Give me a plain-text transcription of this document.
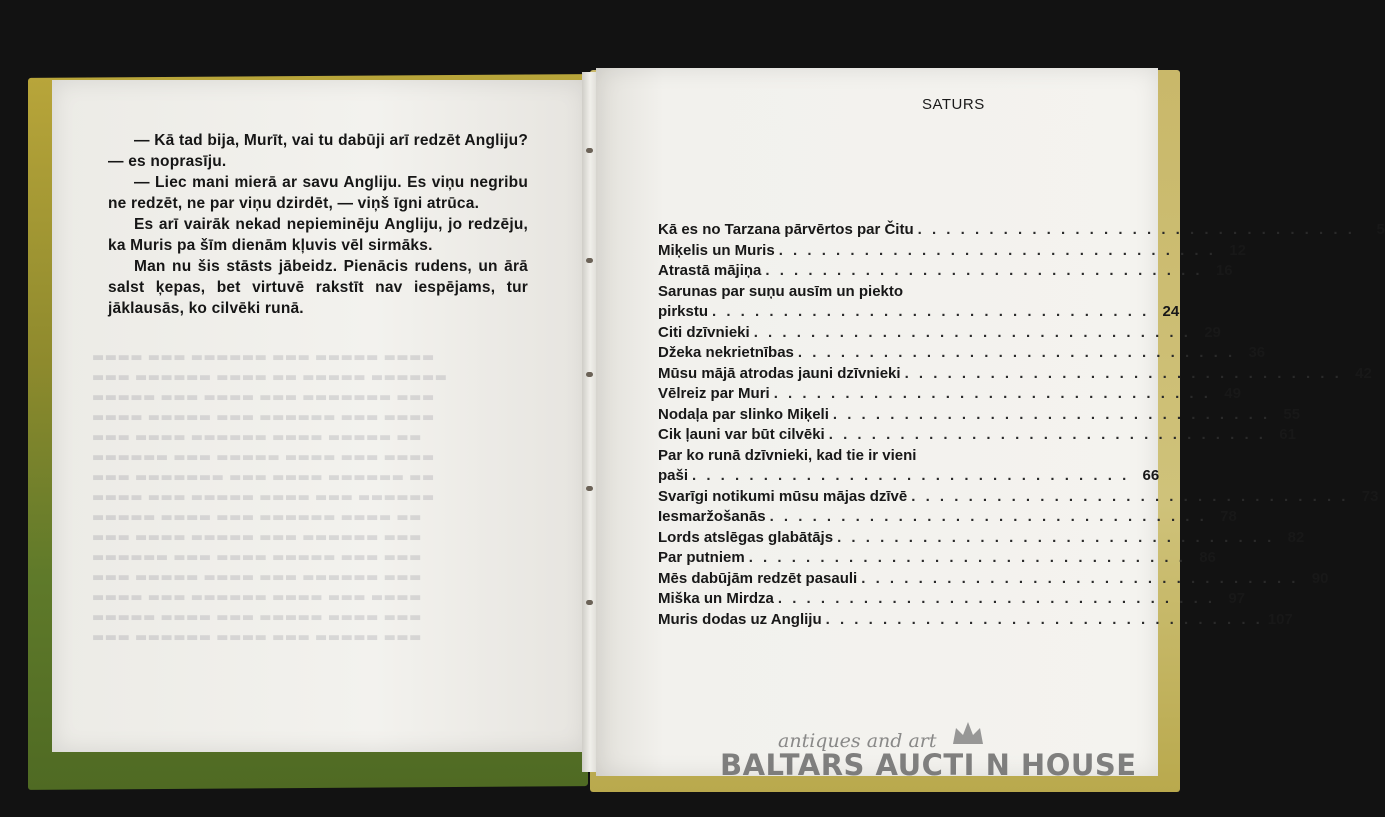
▬▬▬▬ ▬▬▬ ▬▬▬▬▬▬ ▬▬▬ ▬▬▬▬▬ ▬▬▬▬
▬▬▬ ▬▬▬▬▬▬ ▬▬▬▬ ▬▬ ▬▬▬▬▬ ▬▬▬▬▬▬
▬▬▬▬▬ ▬▬▬ ▬▬▬▬ ▬▬▬ ▬▬▬▬▬▬▬ ▬▬▬
▬▬▬▬ ▬▬▬▬▬ ▬▬▬ ▬▬▬▬▬▬ ▬▬▬ ▬▬▬▬
▬▬▬ ▬▬▬▬ ▬▬▬▬▬▬ ▬▬▬▬ ▬▬▬▬▬ ▬▬
▬▬▬▬▬▬ ▬▬▬ ▬▬▬▬▬ ▬▬▬▬ ▬▬▬ ▬▬▬▬
▬▬▬ ▬▬▬▬▬▬▬ ▬▬▬ ▬▬▬▬ ▬▬▬▬▬▬ ▬▬
▬▬▬▬ ▬▬▬ ▬▬▬▬▬ ▬▬▬▬ ▬▬▬ ▬▬▬▬▬▬
▬▬▬▬▬ ▬▬▬▬ ▬▬▬ ▬▬▬▬▬▬ ▬▬▬▬ ▬▬
▬▬▬ ▬▬▬▬ ▬▬▬▬▬ ▬▬▬ ▬▬▬▬▬▬ ▬▬▬
▬▬▬▬▬▬ ▬▬▬ ▬▬▬▬ ▬▬▬▬▬ ▬▬▬ ▬▬▬
▬▬▬ ▬▬▬▬▬ ▬▬▬▬ ▬▬▬ ▬▬▬▬▬▬ ▬▬▬
▬▬▬▬ ▬▬▬ ▬▬▬▬▬▬ ▬▬▬▬ ▬▬▬ ▬▬▬▬
▬▬▬▬▬ ▬▬▬▬ ▬▬▬ ▬▬▬▬▬ ▬▬▬▬ ▬▬▬
▬▬▬ ▬▬▬▬▬▬ ▬▬▬▬ ▬▬▬ ▬▬▬▬▬ ▬▬▬

— Kā tad bija, Murīt, vai tu dabūji arī redzēt Angliju? — es noprasīju.

— Liec mani mierā ar savu Angliju. Es viņu negribu ne redzēt, ne par viņu dzirdēt, — viņš īgni atrūca.

Es arī vairāk nekad nepieminēju Angliju, jo redzēju, ka Muris pa šīm dienām kļuvis vēl sirmāks.

Man nu šis stāsts jābeidz. Pienācis rudens, un ārā salst ķepas, bet virtuvē rakstīt nav iespējams, tur jāklausās, ko cilvēki runā.

SATURS
Kā es no Tarzana pārvērtos par Čitu . . . . . . . . . . . . . . . . . . . . . . . . . . . . . . .	5
Miķelis un Muris . . . . . . . . . . . . . . . . . . . . . . . . . . . . . . . 12
Atrastā mājiņa . . . . . . . . . . . . . . . . . . . . . . . . . . . . . . . 16
Sarunas par suņu ausīm un piekto
pirkstu . . . . . . . . . . . . . . . . . . . . . . . . . . . . . . . 24
Citi dzīvnieki . . . . . . . . . . . . . . . . . . . . . . . . . . . . . . . 29
Džeka nekrietnības . . . . . . . . . . . . . . . . . . . . . . . . . . . . . . . 36
Mūsu mājā atrodas jauni dzīvnieki . . . . . . . . . . . . . . . . . . . . . . . . . . . . . . . 42
Vēlreiz par Muri . . . . . . . . . . . . . . . . . . . . . . . . . . . . . . . 49
Nodaļa par slinko Miķeli . . . . . . . . . . . . . . . . . . . . . . . . . . . . . . . 55
Cik ļauni var būt cilvēki . . . . . . . . . . . . . . . . . . . . . . . . . . . . . . . 61
Par ko runā dzīvnieki, kad tie ir vieni
paši . . . . . . . . . . . . . . . . . . . . . . . . . . . . . . . 66
Svarīgi notikumi mūsu mājas dzīvē . . . . . . . . . . . . . . . . . . . . . . . . . . . . . . . 73
Iesmaržošanās . . . . . . . . . . . . . . . . . . . . . . . . . . . . . . . 78
Lords atslēgas glabātājs . . . . . . . . . . . . . . . . . . . . . . . . . . . . . . . 82
Par putniem . . . . . . . . . . . . . . . . . . . . . . . . . . . . . . . 86
Mēs dabūjām redzēt pasauli . . . . . . . . . . . . . . . . . . . . . . . . . . . . . . . 90
Miška un Mirdza . . . . . . . . . . . . . . . . . . . . . . . . . . . . . . . 97
Muris dodas uz Angliju . . . . . . . . . . . . . . . . . . . . . . . . . . . . . . . 107
antiques and art
BALTARS AUCTI N HOUSE
